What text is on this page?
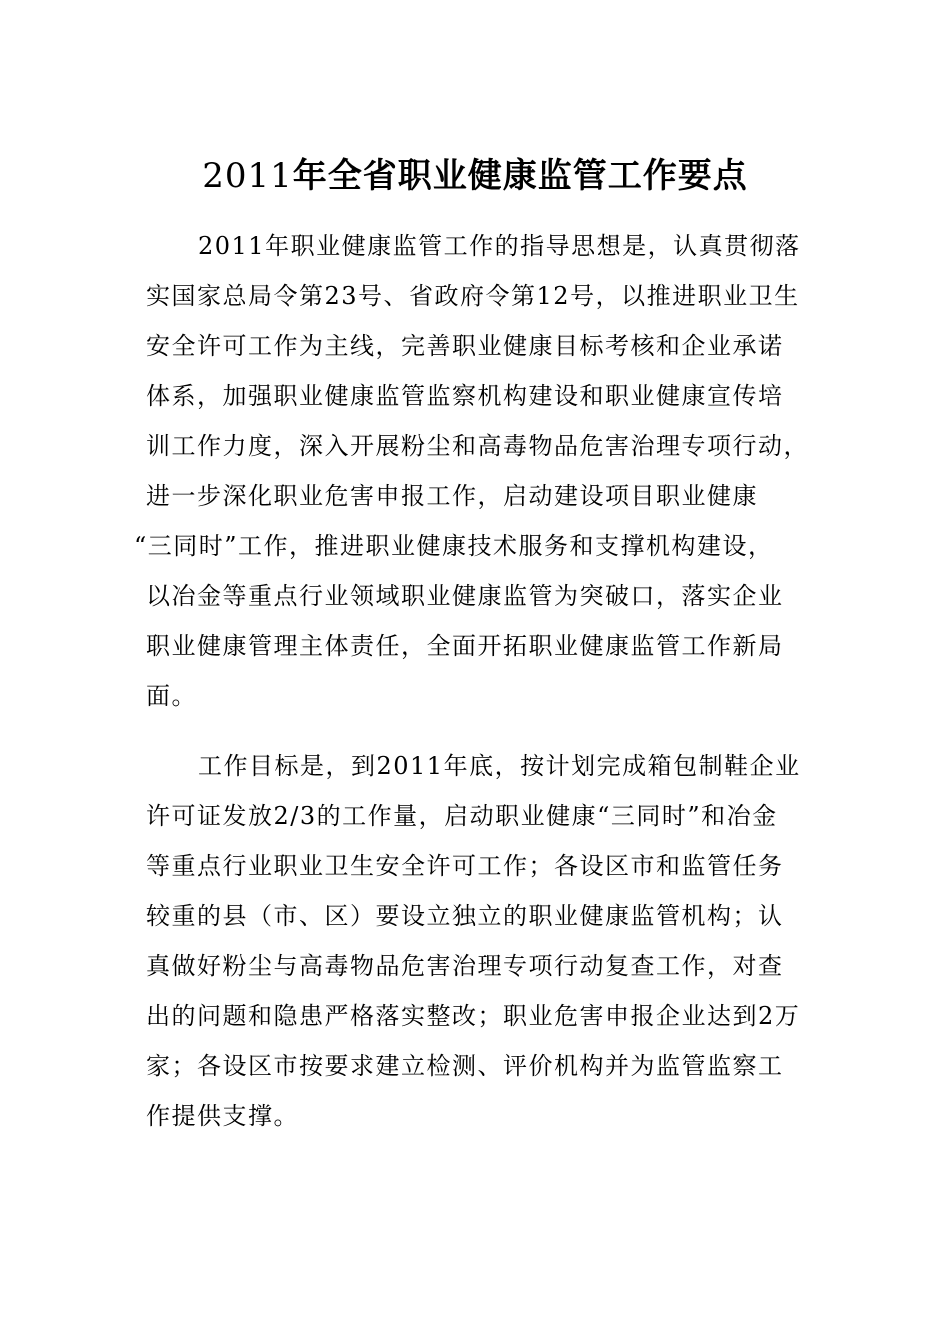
2011年全省职业健康监管工作要点
2011年职业健康监管工作的指导思想是，认真贯彻落
实国家总局令第23号、省政府令第12号，以推进职业卫生
安全许可工作为主线，完善职业健康目标考核和企业承诺
体系，加强职业健康监管监察机构建设和职业健康宣传培
训工作力度，深入开展粉尘和高毒物品危害治理专项行动，
进一步深化职业危害申报工作，启动建设项目职业健康
“三同时”工作，推进职业健康技术服务和支撑机构建设，
以冶金等重点行业领域职业健康监管为突破口，落实企业
职业健康管理主体责任，全面开拓职业健康监管工作新局
面。
工作目标是，到2011年底，按计划完成箱包制鞋企业
许可证发放2/3的工作量，启动职业健康“三同时”和冶金
等重点行业职业卫生安全许可工作；各设区市和监管任务
较重的县（市、区）要设立独立的职业健康监管机构；认
真做好粉尘与高毒物品危害治理专项行动复查工作，对查
出的问题和隐患严格落实整改；职业危害申报企业达到2万
家；各设区市按要求建立检测、评价机构并为监管监察工
作提供支撑。
